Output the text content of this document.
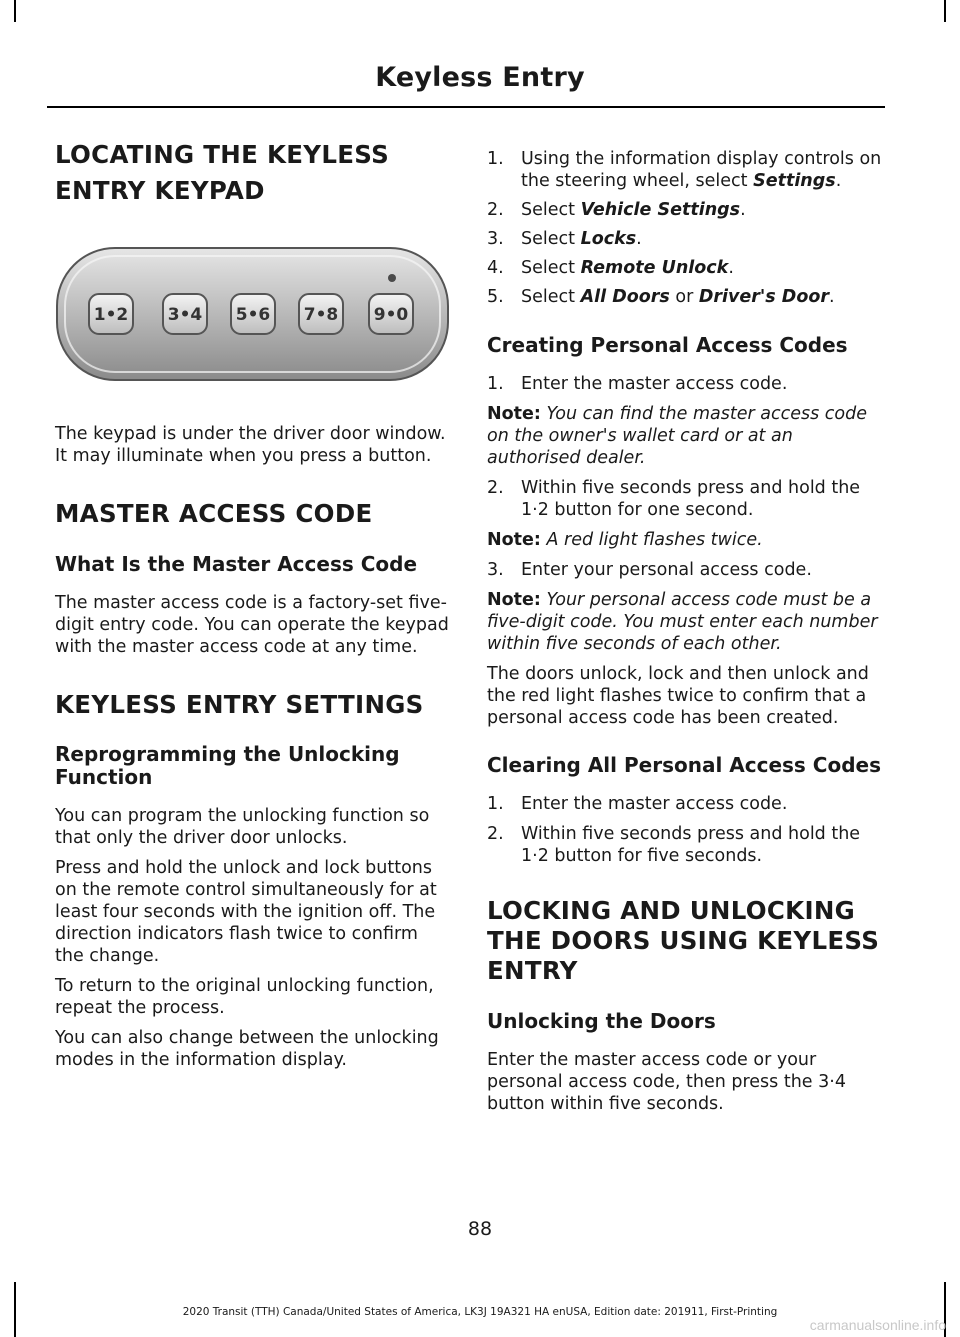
Keyless Entry
LOCATING THE KEYLESS
ENTRY KEYPAD
1•2 3•4 5•6 7•8 9•0

The keypad is under the driver door window. It may illuminate when you press a button.

MASTER ACCESS CODE
What Is the Master Access Code

The master access code is a factory-set five-digit entry code. You can operate the keypad with the master access code at any time.

KEYLESS ENTRY SETTINGS
Reprogramming the Unlocking Function

You can program the unlocking function so that only the driver door unlocks.

Press and hold the unlock and lock buttons on the remote control simultaneously for at least four seconds with the ignition off. The direction indicators flash twice to confirm the change.

To return to the original unlocking function, repeat the process.

You can also change between the unlocking modes in the information display.

1. Using the information display controls on the steering wheel, select Settings.
2. Select Vehicle Settings.
3. Select Locks.
4. Select Remote Unlock.
5. Select All Doors or Driver's Door.
Creating Personal Access Codes
1. Enter the master access code.

Note: You can find the master access code on the owner's wallet card or at an authorised dealer.

2. Within five seconds press and hold the 1·2 button for one second.

Note: A red light flashes twice.

3. Enter your personal access code.

Note: Your personal access code must be a five-digit code. You must enter each number within five seconds of each other.

The doors unlock, lock and then unlock and the red light flashes twice to confirm that a personal access code has been created.

Clearing All Personal Access Codes
1. Enter the master access code.
2. Within five seconds press and hold the 1·2 button for five seconds.
LOCKING AND UNLOCKING
THE DOORS USING KEYLESS
ENTRY
Unlocking the Doors

Enter the master access code or your personal access code, then press the 3·4 button within five seconds.

88
2020 Transit (TTH) Canada/United States of America, LK3J 19A321 HA enUSA, Edition date: 201911, First-Printing
carmanualsonline.info
